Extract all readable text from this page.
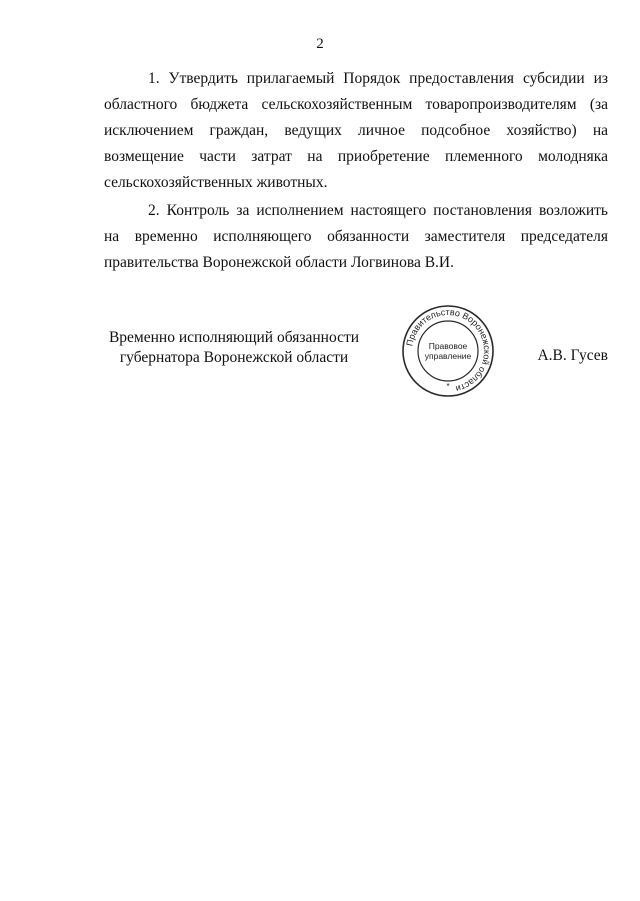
2

1. Утвердить прилагаемый Порядок предоставления субсидии из областного бюджета сельскохозяйственным товаропроизводителям (за исключением граждан, ведущих личное подсобное хозяйство) на возмещение части затрат на приобретение племенного молодняка сельскохозяйственных животных.

2. Контроль за исполнением настоящего постановления возложить на временно исполняющего обязанности заместителя председателя правительства Воронежской области Логвинова В.И.

Временно исполняющий обязанности
губернатора Воронежской области
Правительство Воронежской области
Правовое
управление
*
А.В. Гусев
